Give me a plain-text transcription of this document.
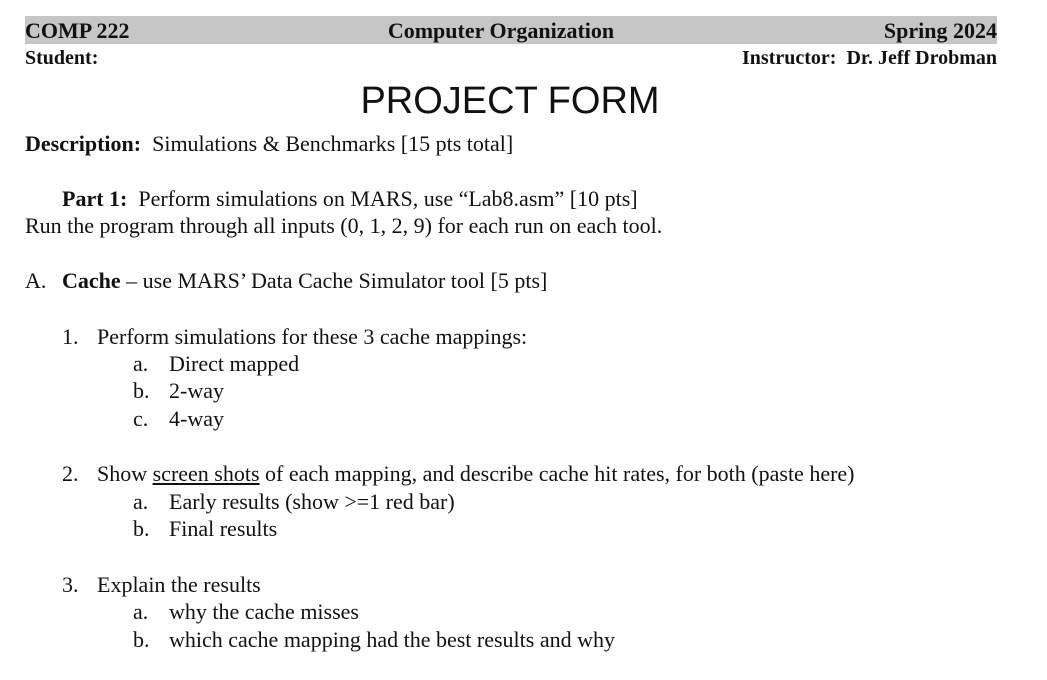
COMP 222	Computer Organization	Spring 2024
Student:	Instructor: Dr. Jeff Drobman
PROJECT FORM
Description: Simulations & Benchmarks [15 pts total]
Part 1: Perform simulations on MARS, use “Lab8.asm” [10 pts]
Run the program through all inputs (0, 1, 2, 9) for each run on each tool.
A. Cache – use MARS’ Data Cache Simulator tool [5 pts]
1. Perform simulations for these 3 cache mappings:
a. Direct mapped
b. 2-way
c. 4-way
2. Show screen shots of each mapping, and describe cache hit rates, for both (paste here)
a. Early results (show >=1 red bar)
b. Final results
3. Explain the results
a. why the cache misses
b. which cache mapping had the best results and why
